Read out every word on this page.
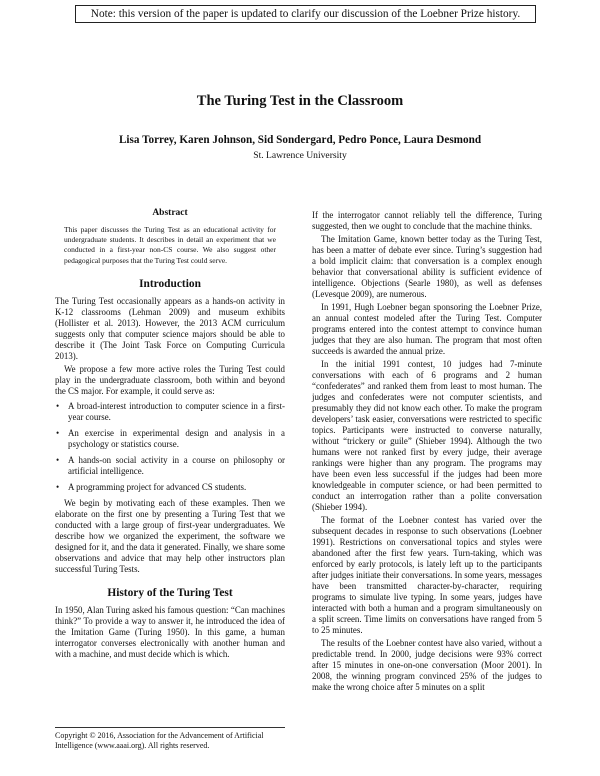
Note: this version of the paper is updated to clarify our discussion of the Loebner Prize history.
The Turing Test in the Classroom
Lisa Torrey, Karen Johnson, Sid Sondergard, Pedro Ponce, Laura Desmond
St. Lawrence University
Abstract
This paper discusses the Turing Test as an educational activity for undergraduate students. It describes in detail an experiment that we conducted in a first-year non-CS course. We also suggest other pedagogical purposes that the Turing Test could serve.
Introduction

The Turing Test occasionally appears as a hands-on activity in K-12 classrooms (Lehman 2009) and museum exhibits (Hollister et al. 2013). However, the 2013 ACM curriculum suggests only that computer science majors should be able to describe it (The Joint Task Force on Computing Curricula 2013).

We propose a few more active roles the Turing Test could play in the undergraduate classroom, both within and beyond the CS major. For example, it could serve as:

• A broad-interest introduction to computer science in a first-year course.
• An exercise in experimental design and analysis in a psychology or statistics course.
• A hands-on social activity in a course on philosophy or artificial intelligence.
• A programming project for advanced CS students.

We begin by motivating each of these examples. Then we elaborate on the first one by presenting a Turing Test that we conducted with a large group of first-year undergraduates. We describe how we organized the experiment, the software we designed for it, and the data it generated. Finally, we share some observations and advice that may help other instructors plan successful Turing Tests.

History of the Turing Test

In 1950, Alan Turing asked his famous question: “Can machines think?” To provide a way to answer it, he introduced the idea of the Imitation Game (Turing 1950). In this game, a human interrogator converses electronically with another human and with a machine, and must decide which is which.

Copyright © 2016, Association for the Advancement of Artificial Intelligence (www.aaai.org). All rights reserved.

If the interrogator cannot reliably tell the difference, Turing suggested, then we ought to conclude that the machine thinks.

The Imitation Game, known better today as the Turing Test, has been a matter of debate ever since. Turing’s suggestion had a bold implicit claim: that conversation is a complex enough behavior that conversational ability is sufficient evidence of intelligence. Objections (Searle 1980), as well as defenses (Levesque 2009), are numerous.

In 1991, Hugh Loebner began sponsoring the Loebner Prize, an annual contest modeled after the Turing Test. Computer programs entered into the contest attempt to convince human judges that they are also human. The program that most often succeeds is awarded the annual prize.

In the initial 1991 contest, 10 judges had 7-minute conversations with each of 6 programs and 2 human “confederates” and ranked them from least to most human. The judges and confederates were not computer scientists, and presumably they did not know each other. To make the program developers’ task easier, conversations were restricted to specific topics. Participants were instructed to converse naturally, without “trickery or guile” (Shieber 1994). Although the two humans were not ranked first by every judge, their average rankings were higher than any program. The programs may have been even less successful if the judges had been more knowledgeable in computer science, or had been permitted to conduct an interrogation rather than a polite conversation (Shieber 1994).

The format of the Loebner contest has varied over the subsequent decades in response to such observations (Loebner 1991). Restrictions on conversational topics and styles were abandoned after the first few years. Turn-taking, which was enforced by early protocols, is lately left up to the participants after judges initiate their conversations. In some years, messages have been transmitted character-by-character, requiring programs to simulate live typing. In some years, judges have interacted with both a human and a program simultaneously on a split screen. Time limits on conversations have ranged from 5 to 25 minutes.

The results of the Loebner contest have also varied, without a predictable trend. In 2000, judge decisions were 93% correct after 15 minutes in one-on-one conversation (Moor 2001). In 2008, the winning program convinced 25% of the judges to make the wrong choice after 5 minutes on a split
